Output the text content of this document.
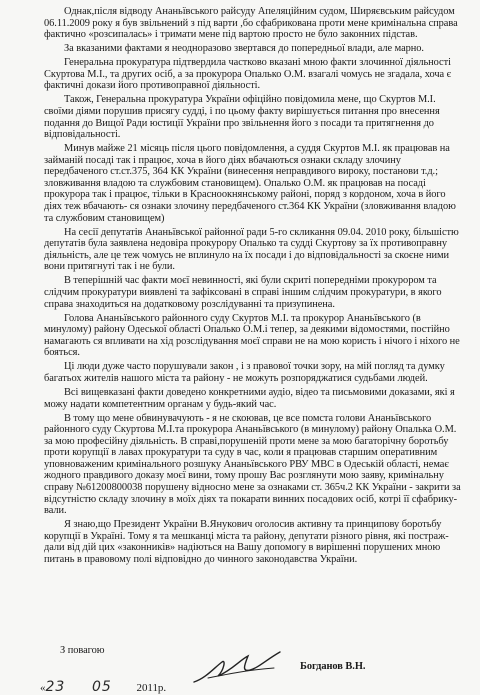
Однак,після відводу Ананьївського райсуду Апеляційним судом, Ширяєвським райсудом 06.11.2009 року я був звільнений з під варти ,бо сфабрикована проти мене кримінальна справа фактично «розсипалась» і тримати мене під вартою просто не було законних підстав.

За вказаними фактами я неодноразово звертався до попередньої влади, але марно.

Генеральна прокуратура підтвердила частково вказані мною факти злочинної діяльності Скуртова М.І., та других осіб, а за прокурора Опалько О.М. взагалі чомусь не згадала, хоча є фактичні докази його противоправної діяльності.

Також, Генеральна прокуратура України офіційно повідомила мене, що Скуртов М.І. своїми діями порушив присягу судді, і по цьому факту вирішується питання про внесення подання до Вищої Ради юстиції України про звільнення його з посади та притягнення до відповідальності.

Минув майже 21 місяць після цього повідомлення, а суддя Скуртов М.І. як працював на займаній посаді так і працює, хоча в його діях вбачаються ознаки складу злочину передбаченого ст.ст.375, 364 КК України (винесення неправдивого вироку, постанови т.д.; зловживання владою та службовим становищем). Опалько О.М. як працював на посаді прокурора так і працює, тільки в Красноокнянському районі, поряд з кордоном, хоча в його діях теж вбачають- ся ознаки злочину передбаченого ст.364 КК України (зловживання владою та службовим становищем)

На сесії депутатів Ананьївської районної ради 5-го скликання 09.04. 2010 року, більшістю депутатів була заявлена недовіра прокурору Опалько та судді Скуртову за їх противоправну діяльність, але це теж чомусь не вплинуло на їх посади і до відповідальності за скоєне ними вони притягнуті так і не були.

В теперішній час факти моєї невинності, які були скриті попередніми прокурором та слідчим прокуратури виявлені та зафіксовані в справі іншим слідчим прокуратури, в якого справа знаходиться на додатковому розслідуванні та призупинена.

Голова Ананьївського районного суду Скуртов М.І. та прокурор Ананьївського (в минулому) району Одеської області Опалько О.М.і тепер, за деякими відомостями, постійно намагають ся впливати на хід розслідування моєї справи не на мою користь і нічого і ніхого не бояться.

Ці люди дуже часто порушували закон , і з правової точки зору, на мій погляд та думку багатьох жителів нашого міста та району - не можуть розпоряджатися судьбами людей.

Всі вищевказані факти доведено конкретними аудіо, відео та письмовими доказами, які я можу надати компетентним органам у будь-який час.

В тому що мене обвинувачують - я не скоював, це все помста голови Ананьївського районного суду Скуртова М.І.та прокурора Ананьївського (в минулому) району Опалька О.М. за мою професійну діяльність. В справі,порушеній проти мене за мою багаторічну боротьбу проти корупції в лавах прокуратури та суду в час, коли я працював старшим оперативним уповноваженим кримінального розшуку Ананьївського РВУ МВС в Одеській області, немає жодного правдивого доказу моєї вини, тому прошу Вас розглянути мою заяву, кримінальну справу №61200800038 порушену відносно мене за ознаками ст. 365ч.2 КК України - закрити за відсутністю складу злочину в моїх діях та покарати винних посадових осіб, котрі її сфабрику- вали.

Я знаю,що Президент України В.Янукович оголосив активну та принципову боротьбу корупції в Україні. Тому я та мешканці міста та району, депутати різного рівня, які постраж- дали від дій цих «законників» надіються на Вашу допомогу в вирішенні порушених мною питань в правовому полі відповідно до чинного законодавства України.

З повагою
Богданов В.Н.
«23 05 2011р.
